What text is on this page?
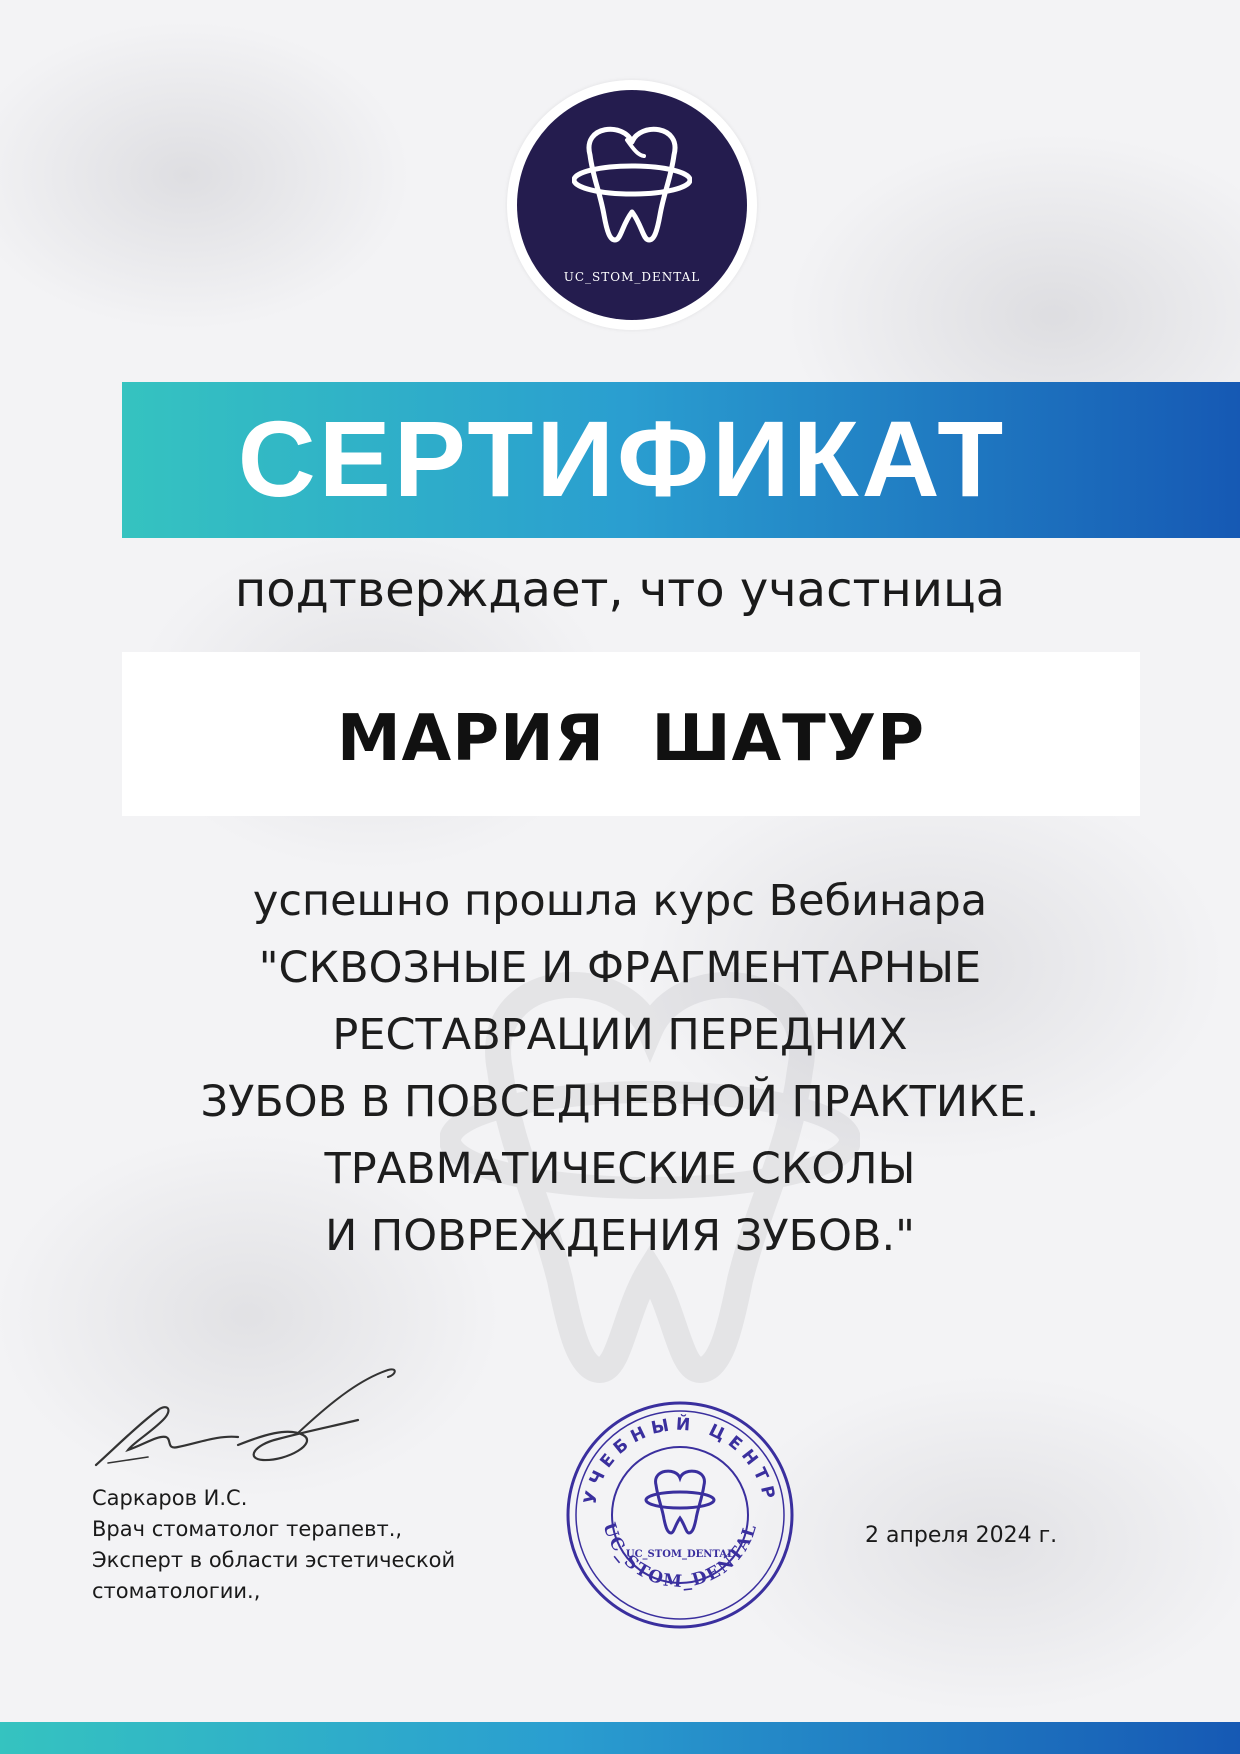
UC_STOM_DENTAL
СЕРТИФИКАТ
подтверждает, что участница
МАРИЯ  ШАТУР
успешно прошла курс Вебинара
"СКВОЗНЫЕ И ФРАГМЕНТАРНЫЕ
РЕСТАВРАЦИИ ПЕРЕДНИХ
ЗУБОВ В ПОВСЕДНЕВНОЙ ПРАКТИКЕ.
ТРАВМАТИЧЕСКИЕ СКОЛЫ
И ПОВРЕЖДЕНИЯ ЗУБОВ."
Саркаров И.С.
Врач стоматолог терапевт.,
Эксперт в области эстетической
стоматологии.,
УЧЕБНЫЙ ЦЕНТР
UC_STOM_DENTAL
UC_STOM_DENTAL
2 апреля 2024 г.
